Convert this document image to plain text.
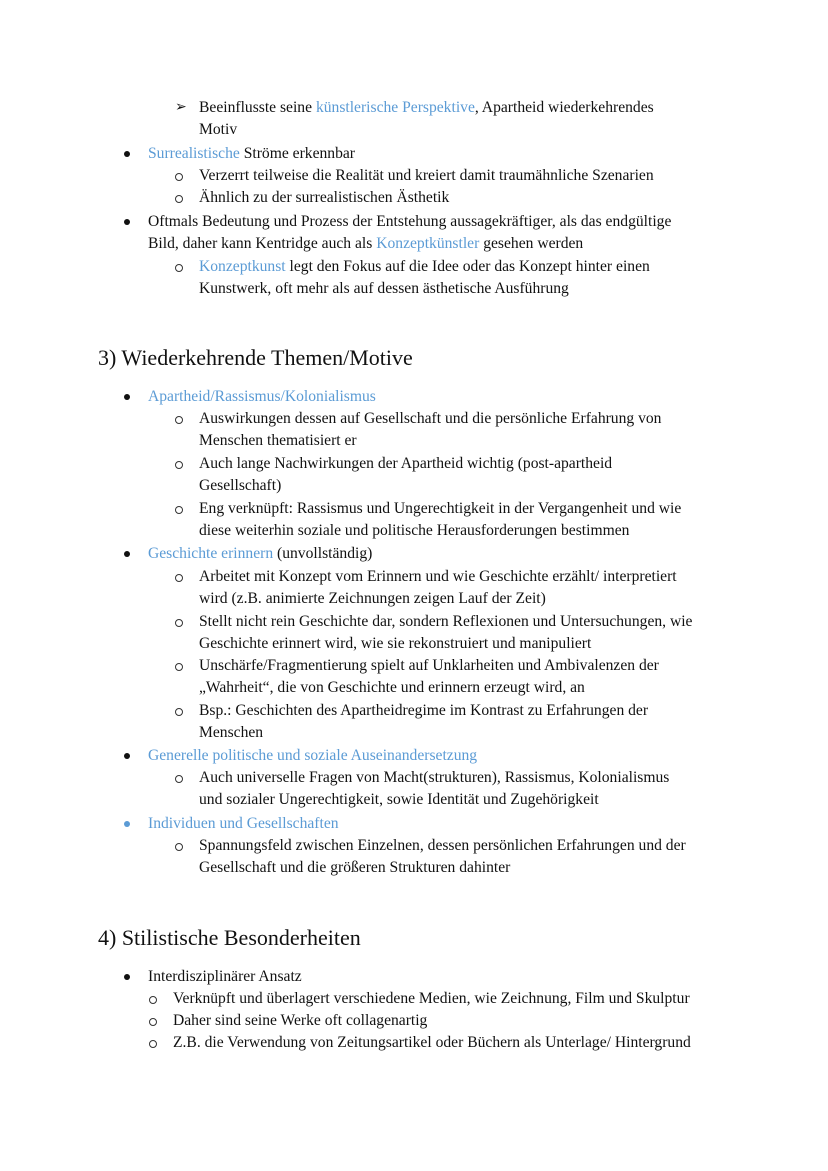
➢ Beeinflusste seine künstlerische Perspektive, Apartheid wiederkehrendes
Motiv
Surrealistische Strömе erkennbar
Verzerrt teilweise die Realität und kreiert damit traumähnliche Szenarien
Ähnlich zu der surrealistischen Ästhetik
Oftmals Bedeutung und Prozess der Entstehung aussagekräftiger, als das endgültige
Bild, daher kann Kentridge auch als Konzeptkünstler gesehen werden
Konzeptkunst legt den Fokus auf die Idee oder das Konzept hinter einen
Kunstwerk, oft mehr als auf dessen ästhetische Ausführung
3) Wiederkehrende Themen/Motive
Apartheid/Rassismus/Kolonialismus
Auswirkungen dessen auf Gesellschaft und die persönliche Erfahrung von
Menschen thematisiert er
Auch lange Nachwirkungen der Apartheid wichtig (post-apartheid
Gesellschaft)
Eng verknüpft: Rassismus und Ungerechtigkeit in der Vergangenheit und wie
diese weiterhin soziale und politische Herausforderungen bestimmen
Geschichte erinnern (unvollständig)
Arbeitet mit Konzept vom Erinnern und wie Geschichte erzählt/ interpretiert
wird (z.B. animierte Zeichnungen zeigen Lauf der Zeit)
Stellt nicht rein Geschichte dar, sondern Reflexionen und Untersuchungen, wie
Geschichte erinnert wird, wie sie rekonstruiert und manipuliert
Unschärfe/Fragmentierung spielt auf Unklarheiten und Ambivalenzen der
„Wahrheit“, die von Geschichte und erinnern erzeugt wird, an
Bsp.: Geschichten des Apartheidregime im Kontrast zu Erfahrungen der
Menschen
Generelle politische und soziale Auseinandersetzung
Auch universelle Fragen von Macht(strukturen), Rassismus, Kolonialismus
und sozialer Ungerechtigkeit, sowie Identität und Zugehörigkeit
Individuen und Gesellschaften
Spannungsfeld zwischen Einzelnen, dessen persönlichen Erfahrungen und der
Gesellschaft und die größeren Strukturen dahinter
4) Stilistische Besonderheiten
Interdisziplinärer Ansatz
Verknüpft und überlagert verschiedene Medien, wie Zeichnung, Film und Skulptur
Daher sind seine Werke oft collagenartig
Z.B. die Verwendung von Zeitungsartikel oder Büchern als Unterlage/ Hintergrund
